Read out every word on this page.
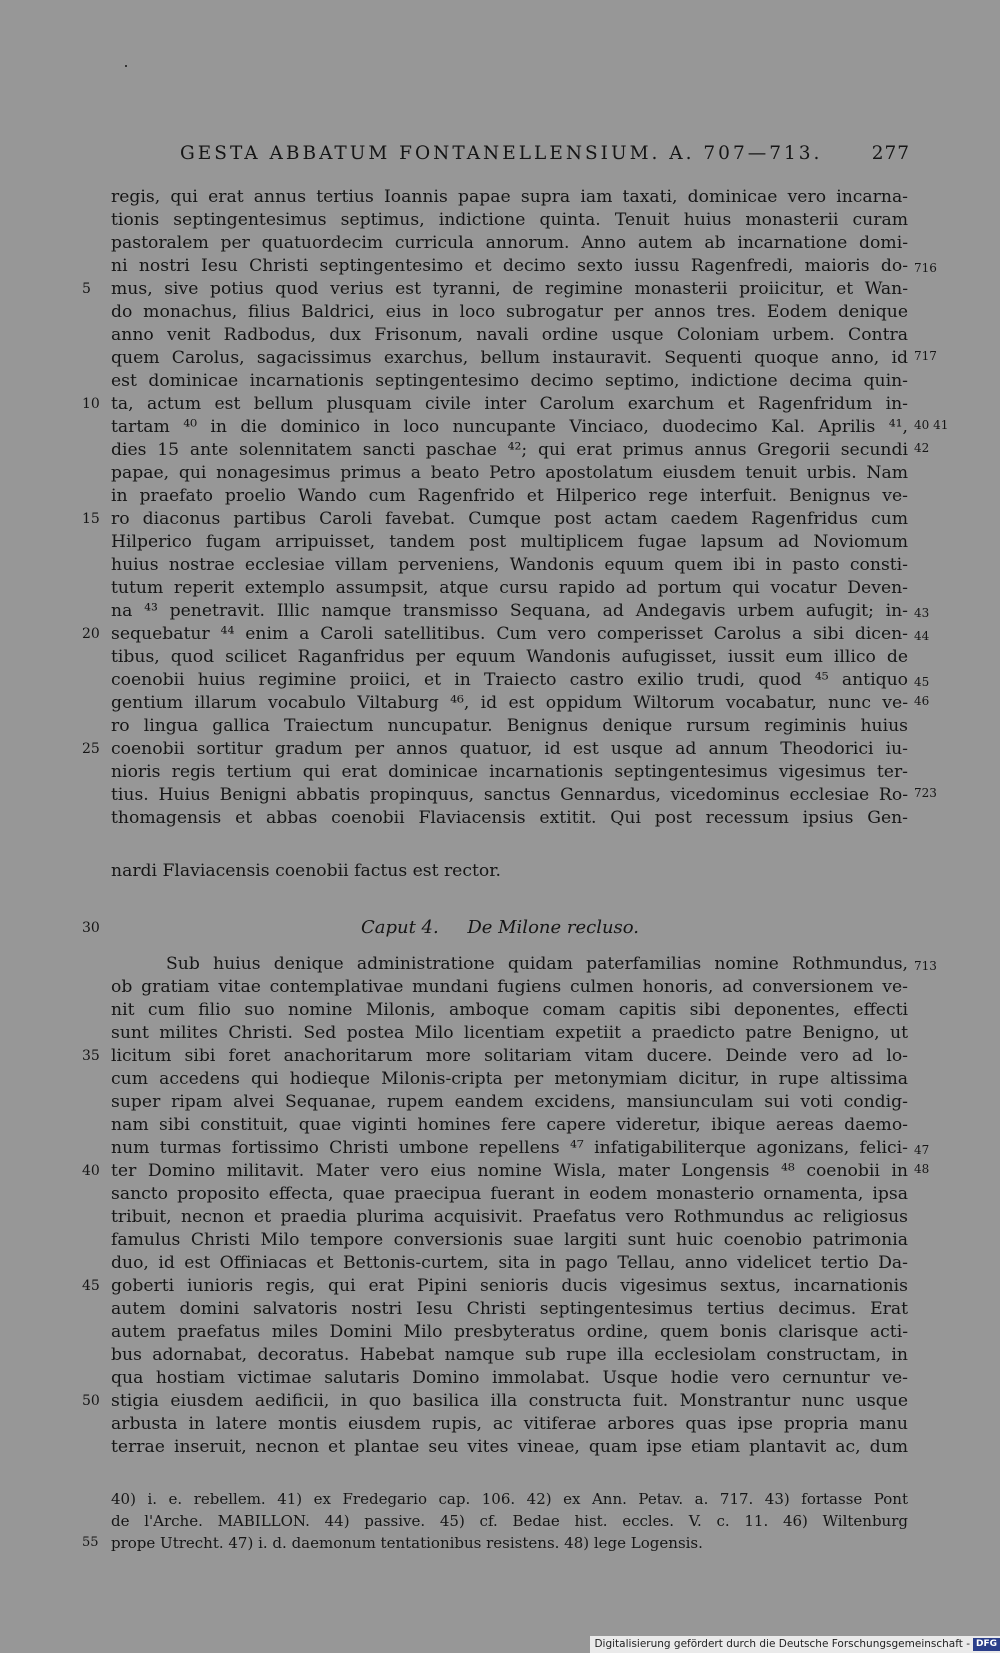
GESTA ABBATUM FONTANELLENSIUM. A. 707—713.	277
regis, qui erat annus tertius Ioannis papae supra iam taxati, dominicae vero incarna-
tionis septingentesimus septimus, indictione quinta. Tenuit huius monasterii curam
pastoralem per quatuordecim curricula annorum. Anno autem ab incarnatione domi-
ni nostri Iesu Christi septingentesimo et decimo sexto iussu Ragenfredi, maioris do-
mus, sive potius quod verius est tyranni, de regimine monasterii proiicitur, et Wan-
do monachus, filius Baldrici, eius in loco subrogatur per annos tres. Eodem denique
anno venit Radbodus, dux Frisonum, navali ordine usque Coloniam urbem. Contra
quem Carolus, sagacissimus exarchus, bellum instauravit. Sequenti quoque anno, id
est dominicae incarnationis septingentesimo decimo septimo, indictione decima quin-
ta, actum est bellum plusquam civile inter Carolum exarchum et Ragenfridum in-
tartam ⁴⁰ in die dominico in loco nuncupante Vinciaco, duodecimo Kal. Aprilis ⁴¹,
dies 15 ante solennitatem sancti paschae ⁴²; qui erat primus annus Gregorii secundi
papae, qui nonagesimus primus a beato Petro apostolatum eiusdem tenuit urbis. Nam
in praefato proelio Wando cum Ragenfrido et Hilperico rege interfuit. Benignus ve-
ro diaconus partibus Caroli favebat. Cumque post actam caedem Ragenfridus cum
Hilperico fugam arripuisset, tandem post multiplicem fugae lapsum ad Noviomum
huius nostrae ecclesiae villam perveniens, Wandonis equum quem ibi in pasto consti-
tutum reperit extemplo assumpsit, atque cursu rapido ad portum qui vocatur Deven-
na ⁴³ penetravit. Illic namque transmisso Sequana, ad Andegavis urbem aufugit; in-
sequebatur ⁴⁴ enim a Caroli satellitibus. Cum vero comperisset Carolus a sibi dicen-
tibus, quod scilicet Raganfridus per equum Wandonis aufugisset, iussit eum illico de
coenobii huius regimine proiici, et in Traiecto castro exilio trudi, quod ⁴⁵ antiquo
gentium illarum vocabulo Viltaburg ⁴⁶, id est oppidum Wiltorum vocabatur, nunc ve-
ro lingua gallica Traiectum nuncupatur. Benignus denique rursum regiminis huius
coenobii sortitur gradum per annos quatuor, id est usque ad annum Theodorici iu-
nioris regis tertium qui erat dominicae incarnationis septingentesimus vigesimus ter-
tius. Huius Benigni abbatis propinquus, sanctus Gennardus, vicedominus ecclesiae Ro-
thomagensis et abbas coenobii Flaviacensis extitit. Qui post recessum ipsius Gen-
nardi Flaviacensis coenobii factus est rector.
5
10
15
20
25
716
717
40 41
42
43
44
45
46
723
30	Caput 4. De Milone recluso.
Sub huius denique administratione quidam paterfamilias nomine Rothmundus,
ob gratiam vitae contemplativae mundani fugiens culmen honoris, ad conversionem ve-
nit cum filio suo nomine Milonis, amboque comam capitis sibi deponentes, effecti
sunt milites Christi. Sed postea Milo licentiam expetiit a praedicto patre Benigno, ut
licitum sibi foret anachoritarum more solitariam vitam ducere. Deinde vero ad lo-
cum accedens qui hodieque Milonis-cripta per metonymiam dicitur, in rupe altissima
super ripam alvei Sequanae, rupem eandem excidens, mansiunculam sui voti condig-
nam sibi constituit, quae viginti homines fere capere videretur, ibique aereas daemo-
num turmas fortissimo Christi umbone repellens ⁴⁷ infatigabiliterque agonizans, felici-
ter Domino militavit. Mater vero eius nomine Wisla, mater Longensis ⁴⁸ coenobii in
sancto proposito effecta, quae praecipua fuerant in eodem monasterio ornamenta, ipsa
tribuit, necnon et praedia plurima acquisivit. Praefatus vero Rothmundus ac religiosus
famulus Christi Milo tempore conversionis suae largiti sunt huic coenobio patrimonia
duo, id est Offiniacas et Bettonis-curtem, sita in pago Tellau, anno videlicet tertio Da-
goberti iunioris regis, qui erat Pipini senioris ducis vigesimus sextus, incarnationis
autem domini salvatoris nostri Iesu Christi septingentesimus tertius decimus. Erat
autem praefatus miles Domini Milo presbyteratus ordine, quem bonis clarisque acti-
bus adornabat, decoratus. Habebat namque sub rupe illa ecclesiolam constructam, in
qua hostiam victimae salutaris Domino immolabat. Usque hodie vero cernuntur ve-
stigia eiusdem aedificii, in quo basilica illa constructa fuit. Monstrantur nunc usque
arbusta in latere montis eiusdem rupis, ac vitiferae arbores quas ipse propria manu
terrae inseruit, necnon et plantae seu vites vineae, quam ipse etiam plantavit ac, dum
35
40
45
50
713
47
48
40) i. e. rebellem. 41) ex Fredegario cap. 106. 42) ex Ann. Petav. a. 717. 43) fortasse Pont
de l'Arche. MABILLON. 44) passive. 45) cf. Bedae hist. eccles. V. c. 11. 46) Wiltenburg
prope Utrecht. 47) i. d. daemonum tentationibus resistens. 48) lege Logensis.
55
Digitalisierung gefördert durch die Deutsche Forschungsgemeinschaft - DFG
